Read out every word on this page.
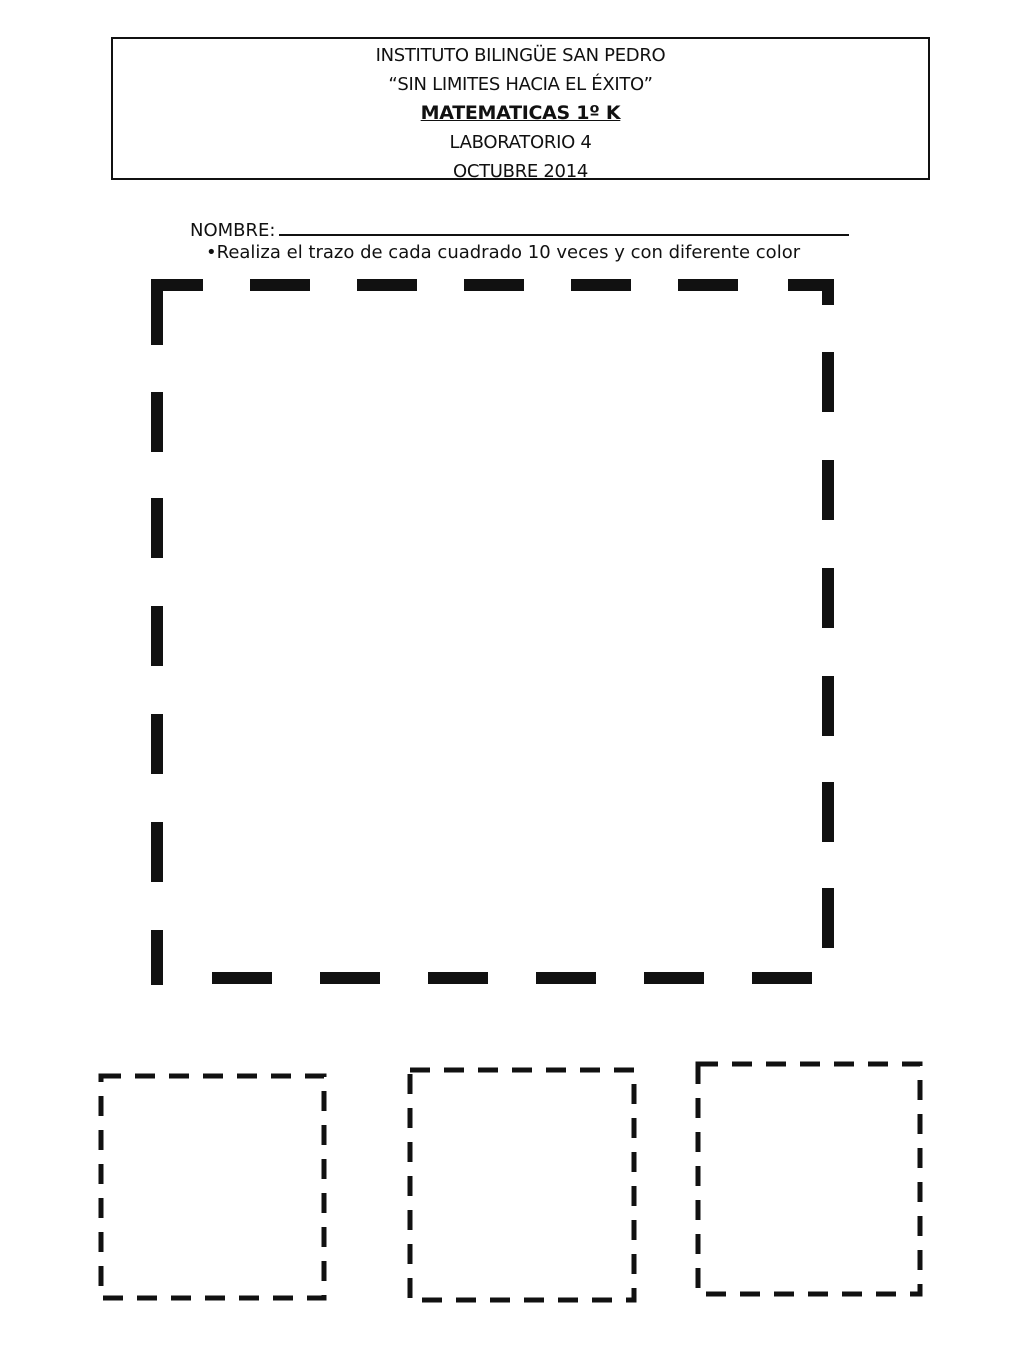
INSTITUTO BILINGÜE SAN PEDRO
“SIN LIMITES HACIA EL ÉXITO”
MATEMATICAS 1º K
LABORATORIO 4
OCTUBRE 2014
NOMBRE:
•Realiza el trazo de cada cuadrado 10 veces y con diferente color
